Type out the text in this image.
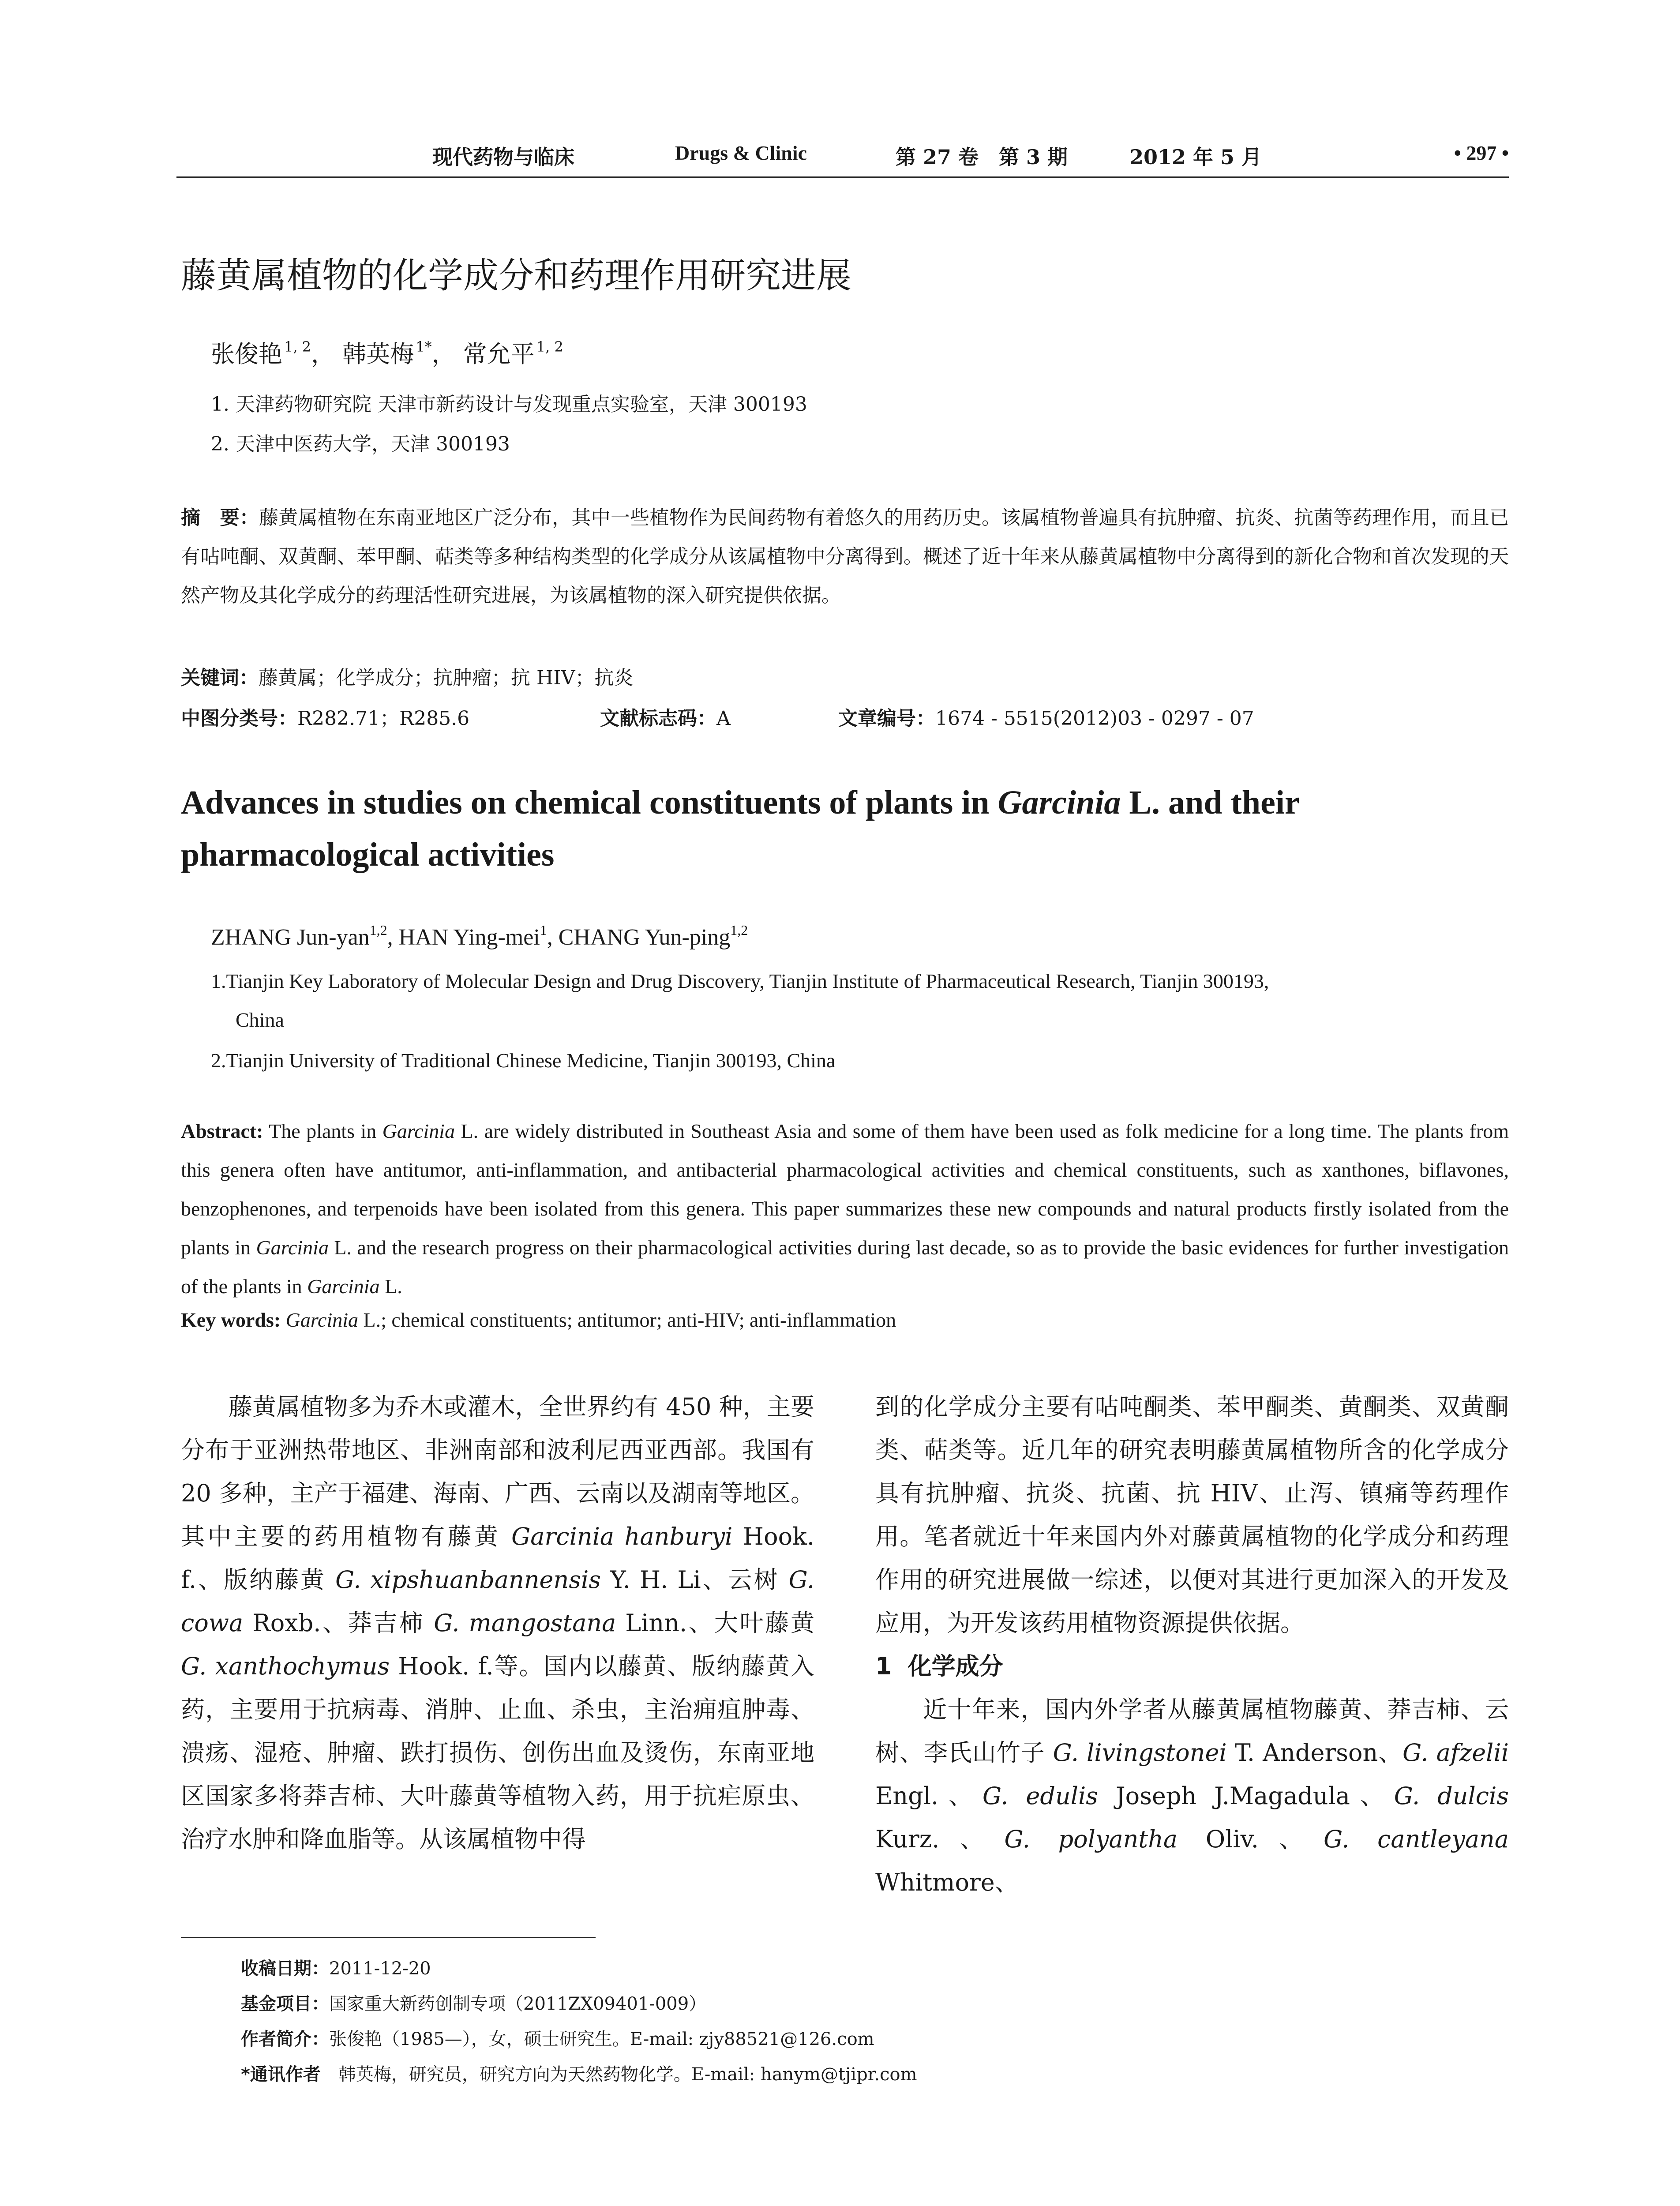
现代药物与临床	Drugs & Clinic	第 27 卷　第 3 期	2012 年 5 月	• 297 •
藤黄属植物的化学成分和药理作用研究进展
张俊艳 $^{1, 2}$， 韩英梅 $^{1*}$， 常允平 $^{1, 2}$
1. 天津药物研究院 天津市新药设计与发现重点实验室，天津 300193
2. 天津中医药大学，天津 300193
摘　要：藤黄属植物在东南亚地区广泛分布，其中一些植物作为民间药物有着悠久的用药历史。该属植物普遍具有抗肿瘤、抗炎、抗菌等药理作用，而且已有呫吨酮、双黄酮、苯甲酮、萜类等多种结构类型的化学成分从该属植物中分离得到。概述了近十年来从藤黄属植物中分离得到的新化合物和首次发现的天然产物及其化学成分的药理活性研究进展，为该属植物的深入研究提供依据。
关键词：藤黄属；化学成分；抗肿瘤；抗 HIV；抗炎
中图分类号：R282.71；R285.6	文献标志码：A	文章编号：1674 - 5515(2012)03 - 0297 - 07
Advances in studies on chemical constituents of plants in Garcinia L. and their pharmacological activities
ZHANG Jun-yan$^{1,2}$, HAN Ying-mei$^1$, CHANG Yun-ping$^{1,2}$
1.Tianjin Key Laboratory of Molecular Design and Drug Discovery, Tianjin Institute of Pharmaceutical Research, Tianjin 300193,
China
2.Tianjin University of Traditional Chinese Medicine, Tianjin 300193, China
Abstract: The plants in Garcinia L. are widely distributed in Southeast Asia and some of them have been used as folk medicine for a long time. The plants from this genera often have antitumor, anti-inflammation, and antibacterial pharmacological activities and chemical constituents, such as xanthones, biflavones, benzophenones, and terpenoids have been isolated from this genera. This paper summarizes these new compounds and natural products firstly isolated from the plants in Garcinia L. and the research progress on their pharmacological activities during last decade, so as to provide the basic evidences for further investigation of the plants in Garcinia L.
Key words: Garcinia L.; chemical constituents; antitumor; anti-HIV; anti-inflammation

藤黄属植物多为乔木或灌木，全世界约有 450 种，主要分布于亚洲热带地区、非洲南部和波利尼西亚西部。我国有 20 多种，主产于福建、海南、广西、云南以及湖南等地区。其中主要的药用植物有藤黄 Garcinia hanburyi Hook. f.、版纳藤黄 G. xipshuanbannensis Y. H. Li、云树 G. cowa Roxb.、莽吉柿 G. mangostana Linn.、大叶藤黄 G. xanthochymus Hook. f.等。国内以藤黄、版纳藤黄入药，主要用于抗病毒、消肿、止血、杀虫，主治痈疽肿毒、溃疡、湿疮、肿瘤、跌打损伤、创伤出血及烫伤，东南亚地区国家多将莽吉柿、大叶藤黄等植物入药，用于抗疟原虫、治疗水肿和降血脂等。从该属植物中得

到的化学成分主要有呫吨酮类、苯甲酮类、黄酮类、双黄酮类、萜类等。近几年的研究表明藤黄属植物所含的化学成分具有抗肿瘤、抗炎、抗菌、抗 HIV、止泻、镇痛等药理作用。笔者就近十年来国内外对藤黄属植物的化学成分和药理作用的研究进展做一综述，以便对其进行更加深入的开发及应用，为开发该药用植物资源提供依据。

1 化学成分

近十年来，国内外学者从藤黄属植物藤黄、莽吉柿、云树、李氏山竹子 G. livingstonei T. Anderson、G. afzelii Engl.、G. edulis Joseph J.Magadula、G. dulcis Kurz.、G. polyantha Oliv.、G. cantleyana Whitmore、

收稿日期：2011-12-20
基金项目：国家重大新药创制专项（2011ZX09401-009）
作者简介：张俊艳（1985—），女，硕士研究生。E-mail: zjy88521@126.com
*通讯作者　韩英梅，研究员，研究方向为天然药物化学。E-mail: hanym@tjipr.com
